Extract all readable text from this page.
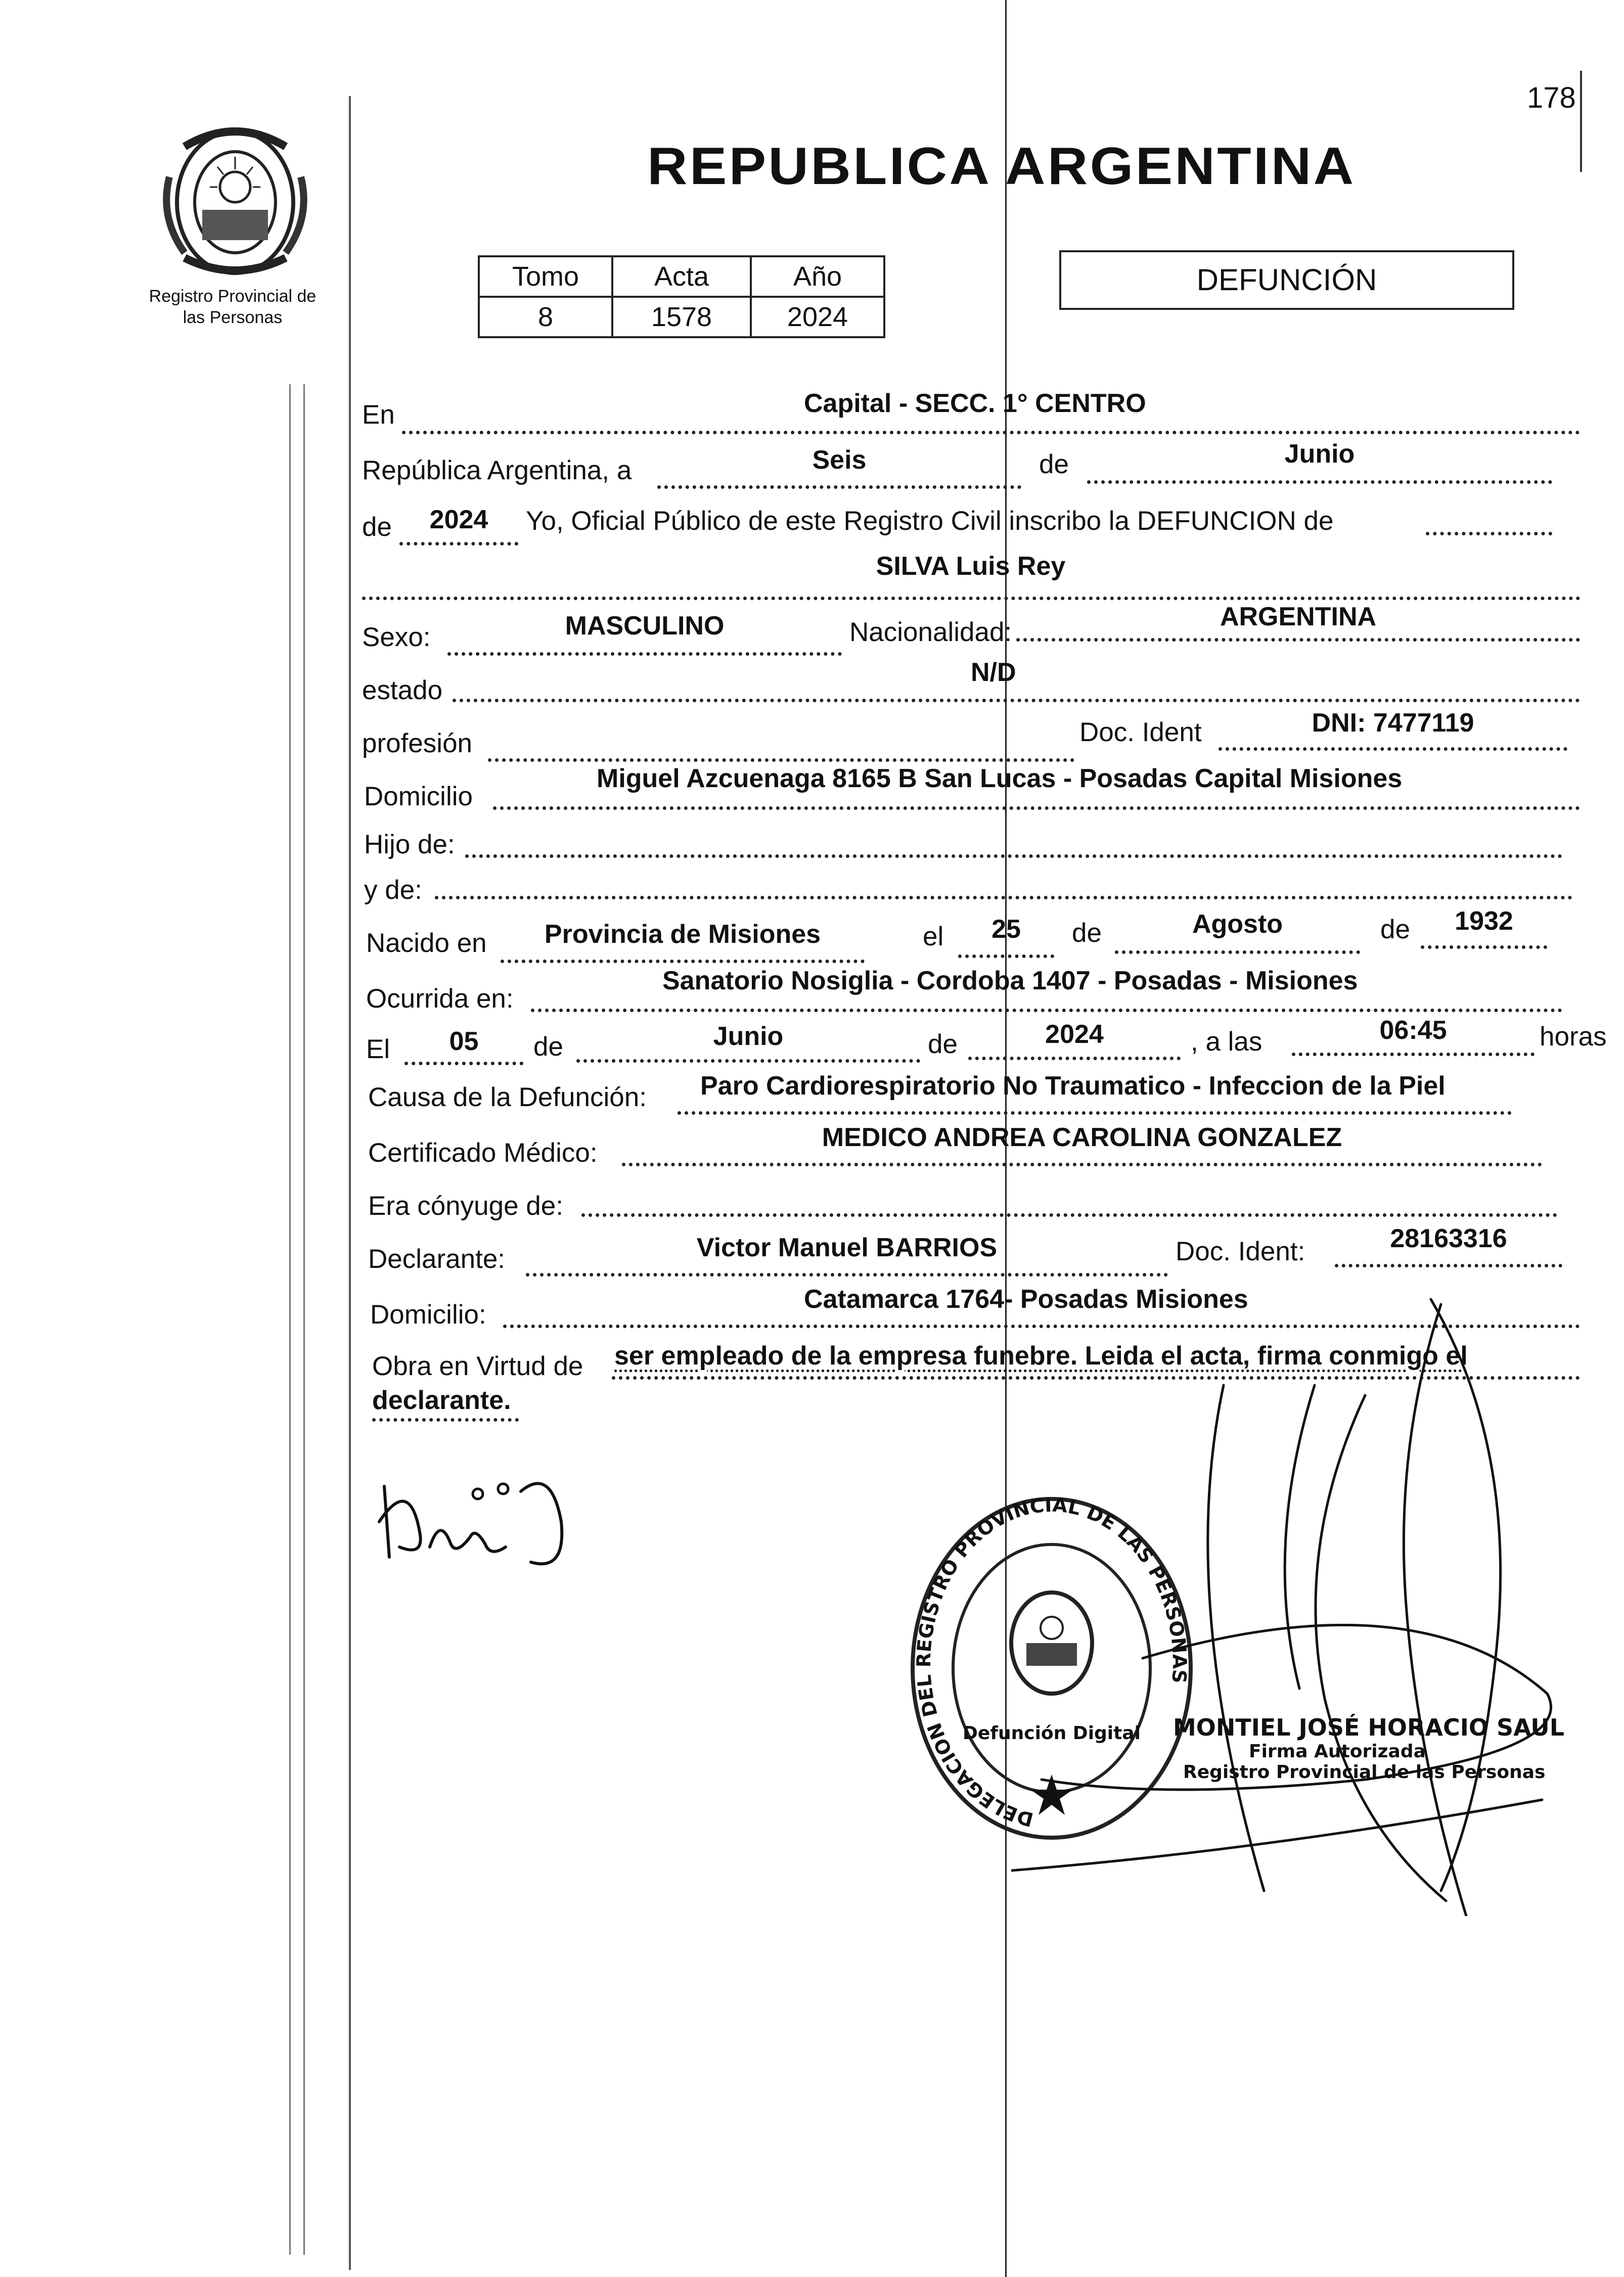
178
Registro Provincial de
las Personas
REPUBLICA ARGENTINA
Tomo	Acta	Año
8	1578	2024
DEFUNCIÓN
En	Capital - SECC. 1° CENTRO
República Argentina, a	Seis	de	Junio
de	2024	Yo, Oficial Público de este Registro Civil inscribo la DEFUNCION de
SILVA Luis Rey
Sexo:	MASCULINO	Nacionalidad:
ARGENTINA
estado
N/D
profesión	Doc. Ident	DNI: 7477119
Domicilio
Miguel Azcuenaga 8165 B San Lucas - Posadas Capital Misiones
Hijo de:
y de:
Nacido en	Provincia de Misiones	el	25	de	Agosto	de	1932
Ocurrida en:
Sanatorio Nosiglia - Cordoba 1407 - Posadas - Misiones
El	05	de	Junio	de	2024	, a las	06:45	horas
Causa de la Defunción: Paro Cardiorespiratorio No Traumatico - Infeccion de la Piel
Certificado Médico:
MEDICO ANDREA CAROLINA GONZALEZ
Era cónyuge de:
Declarante:	Victor Manuel BARRIOS	Doc. Ident:	28163316
Domicilio:
Catamarca 1764- Posadas Misiones
Obra en Virtud de ser empleado de la empresa funebre. Leida el acta, firma conmigo el
declarante.
DELEGACION DEL REGISTRO PROVINCIAL DE LAS PERSONAS
Defunción Digital MONTIEL JOSÉ HORACIO SAUL
Firma Autorizada
Registro Provincial de las Personas
